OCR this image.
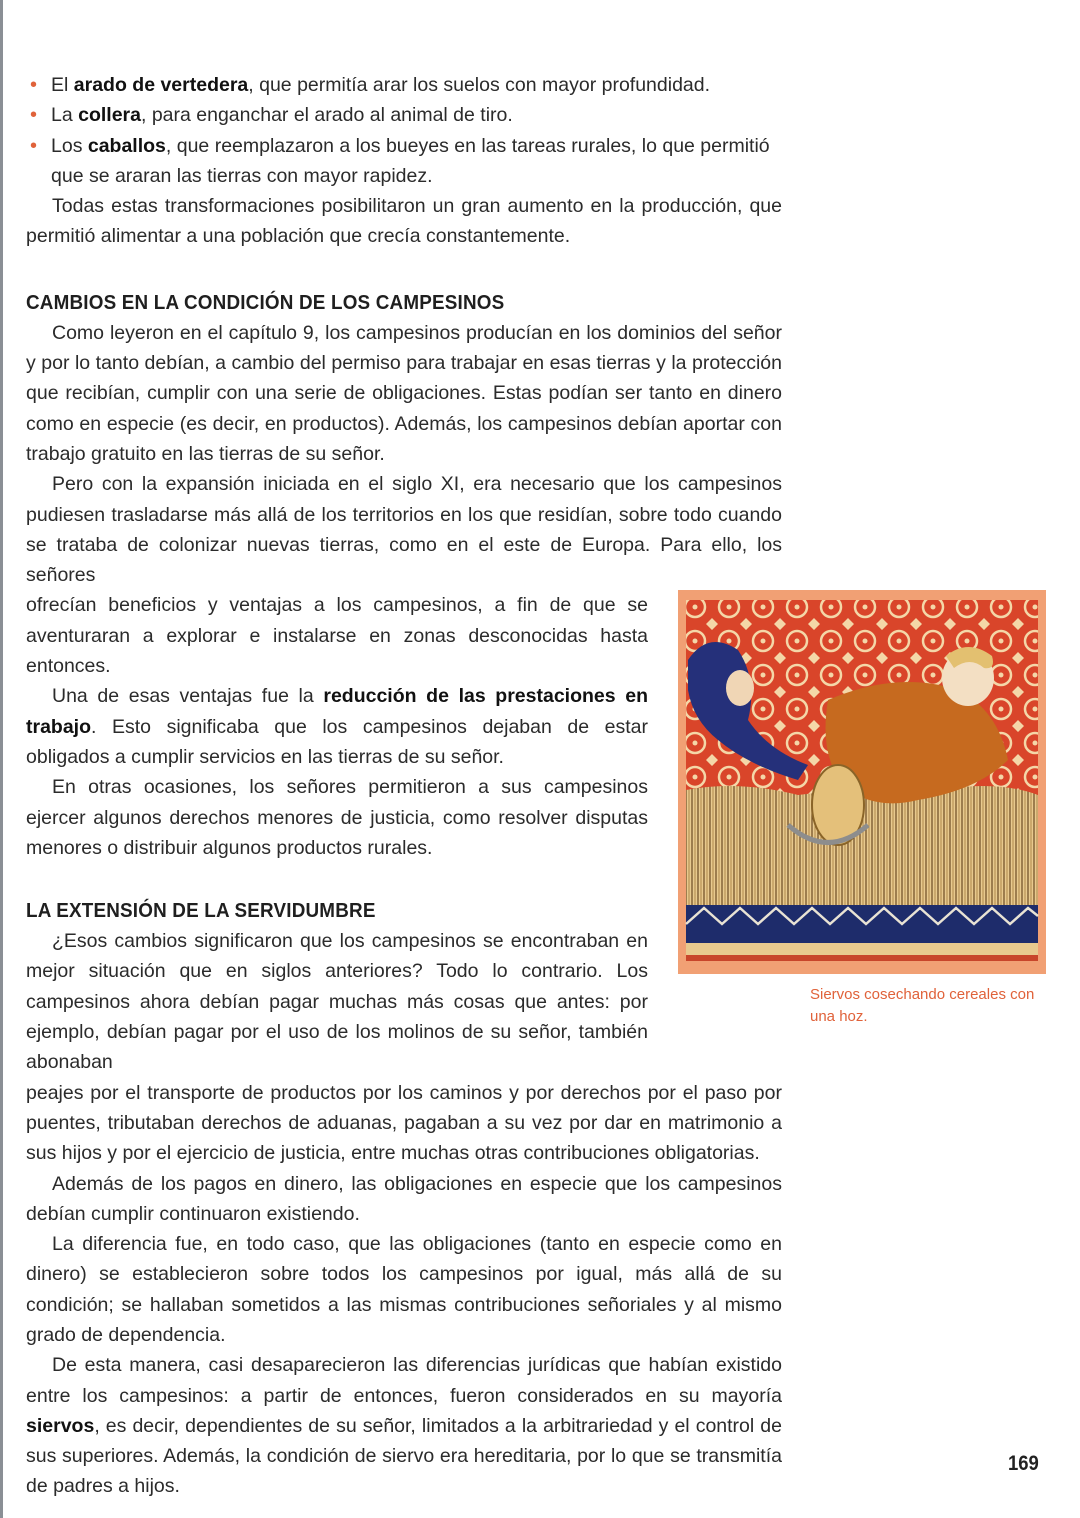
• El arado de vertedera, que permitía arar los suelos con mayor profundidad.

• La collera, para enganchar el arado al animal de tiro.

• Los caballos, que reemplazaron a los bueyes en las tareas rurales, lo que permitió que se araran las tierras con mayor rapidez.

Todas estas transformaciones posibilitaron un gran aumento en la producción, que permitió alimentar a una población que crecía constantemente.

CAMBIOS EN LA CONDICIÓN DE LOS CAMPESINOS

Como leyeron en el capítulo 9, los campesinos producían en los dominios del señor y por lo tanto debían, a cambio del permiso para trabajar en esas tierras y la protección que recibían, cumplir con una serie de obligaciones. Estas podían ser tanto en dinero como en especie (es decir, en productos). Además, los campesinos debían aportar con trabajo gratuito en las tierras de su señor.

Pero con la expansión iniciada en el siglo XI, era necesario que los campesinos pudiesen trasladarse más allá de los territorios en los que residían, sobre todo cuando se trataba de colonizar nuevas tierras, como en el este de Europa. Para ello, los señores

ofrecían beneficios y ventajas a los campesinos, a fin de que se aventuraran a explorar e instalarse en zonas desconocidas hasta entonces.

Una de esas ventajas fue la reducción de las prestaciones en trabajo. Esto significaba que los campesinos dejaban de estar obligados a cumplir servicios en las tierras de su señor.

En otras ocasiones, los señores permitieron a sus campesinos ejercer algunos derechos menores de justicia, como resolver disputas menores o distribuir algunos productos rurales.

LA EXTENSIÓN DE LA SERVIDUMBRE

¿Esos cambios significaron que los campesinos se encontraban en mejor situación que en siglos anteriores? Todo lo contrario. Los campesinos ahora debían pagar muchas más cosas que antes: por ejemplo, debían pagar por el uso de los molinos de su señor, también abonaban

peajes por el transporte de productos por los caminos y por derechos por el paso por puentes, tributaban derechos de aduanas, pagaban a su vez por dar en matrimonio a sus hijos y por el ejercicio de justicia, entre muchas otras contribuciones obligatorias.

Además de los pagos en dinero, las obligaciones en especie que los campesinos debían cumplir continuaron existiendo.

La diferencia fue, en todo caso, que las obligaciones (tanto en especie como en dinero) se establecieron sobre todos los campesinos por igual, más allá de su condición; se hallaban sometidos a las mismas contribuciones señoriales y al mismo grado de dependencia.

De esta manera, casi desaparecieron las diferencias jurídicas que habían existido entre los campesinos: a partir de entonces, fueron considerados en su mayoría siervos, es decir, dependientes de su señor, limitados a la arbitrariedad y el control de sus superiores. Además, la condición de siervo era hereditaria, por lo que se transmitía de padres a hijos.

Siervos cosechando cereales con una hoz.
169
